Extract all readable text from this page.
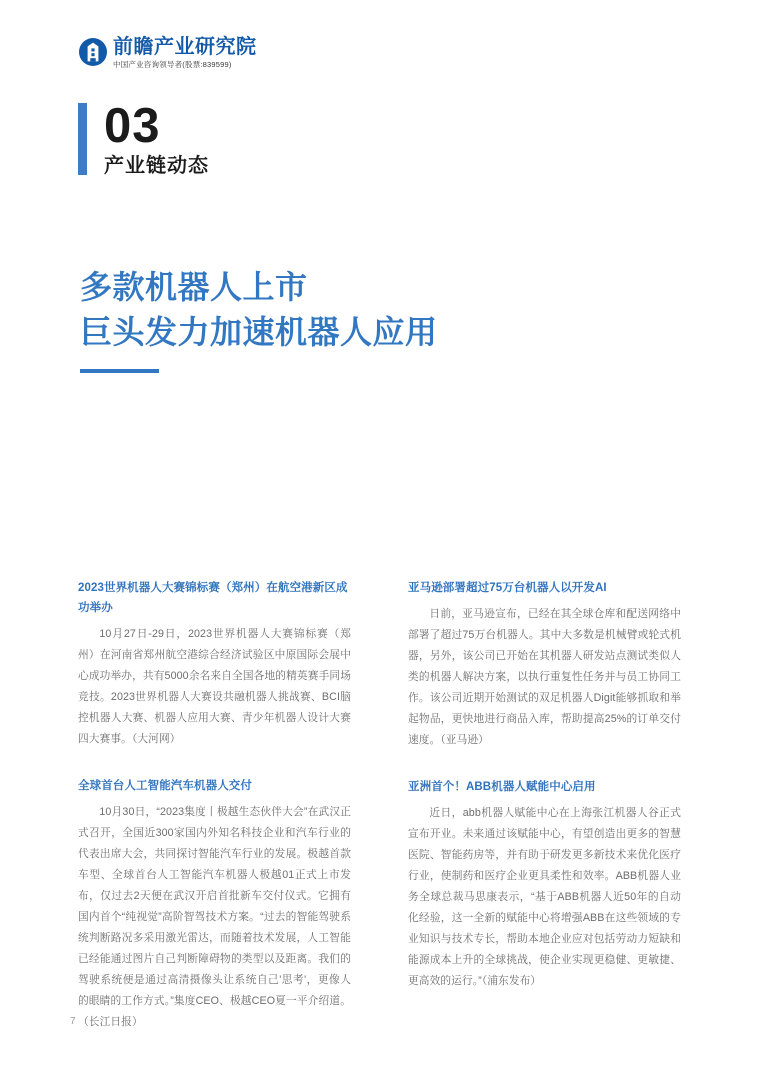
前瞻产业研究院
中国产业咨询领导者(股票:839599)
03
产业链动态
多款机器人上市
巨头发力加速机器人应用
2023世界机器人大赛锦标赛（郑州）在航空港新区成功举办
10月27日-29日，2023世界机器人大赛锦标赛（郑州）在河南省郑州航空港综合经济试验区中原国际会展中心成功举办，共有5000余名来自全国各地的精英赛手同场竞技。2023世界机器人大赛设共融机器人挑战赛、BCI脑控机器人大赛、机器人应用大赛、青少年机器人设计大赛四大赛事。（大河网）
全球首台人工智能汽车机器人交付
10月30日，“2023集度丨极越生态伙伴大会”在武汉正式召开，全国近300家国内外知名科技企业和汽车行业的代表出席大会，共同探讨智能汽车行业的发展。极越首款车型、全球首台人工智能汽车机器人极越01正式上市发布，仅过去2天便在武汉开启首批新车交付仪式。它拥有国内首个“纯视觉”高阶智驾技术方案。“过去的智能驾驶系统判断路况多采用激光雷达，而随着技术发展，人工智能已经能通过图片自己判断障碍物的类型以及距离。我们的驾驶系统便是通过高清摄像头让系统自己'思考'，更像人的眼睛的工作方式。”集度CEO、极越CEO夏一平介绍道。（长江日报）
亚马逊部署超过75万台机器人以开发AI
日前，亚马逊宣布，已经在其全球仓库和配送网络中部署了超过75万台机器人。其中大多数是机械臂或轮式机器，另外，该公司已开始在其机器人研发站点测试类似人类的机器人解决方案，以执行重复性任务并与员工协同工作。该公司近期开始测试的双足机器人Digit能够抓取和举起物品，更快地进行商品入库，帮助提高25%的订单交付速度。（亚马逊）
亚洲首个！ABB机器人赋能中心启用
近日，abb机器人赋能中心在上海张江机器人谷正式宣布开业。未来通过该赋能中心，有望创造出更多的智慧医院、智能药房等，并有助于研发更多新技术来优化医疗行业，使制药和医疗企业更具柔性和效率。ABB机器人业务全球总裁马思康表示，“基于ABB机器人近50年的自动化经验，这一全新的赋能中心将增强ABB在这些领域的专业知识与技术专长，帮助本地企业应对包括劳动力短缺和能源成本上升的全球挑战，使企业实现更稳健、更敏捷、更高效的运行。”（浦东发布）
7
